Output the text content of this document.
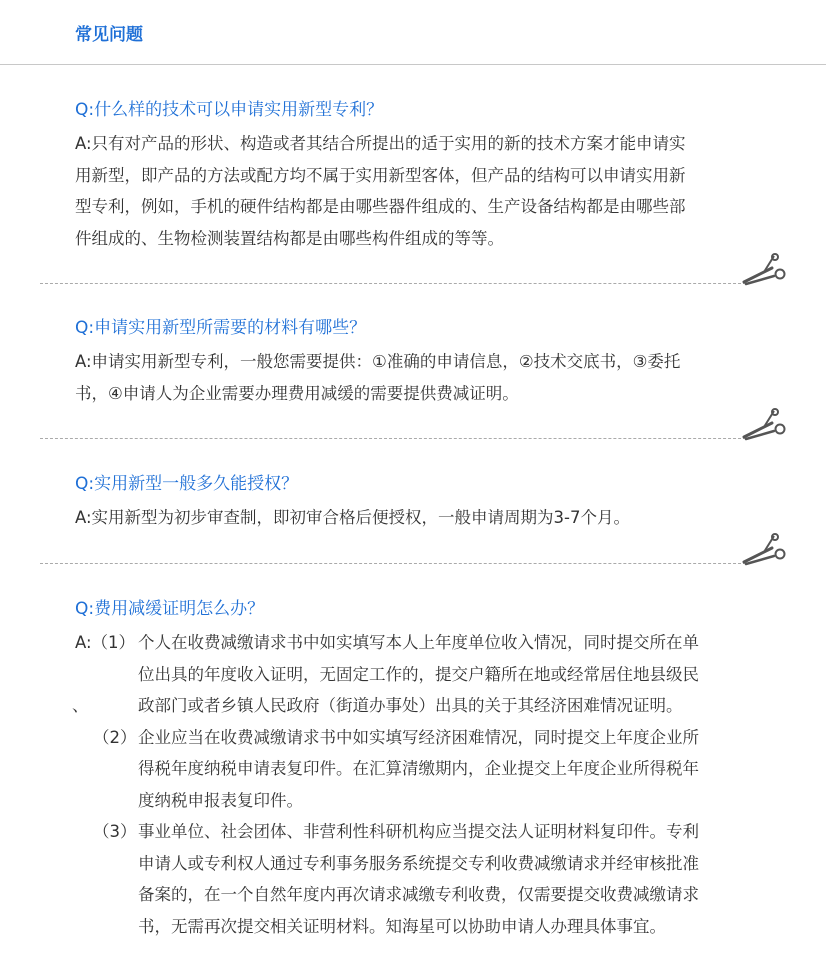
常见问题
Q:什么样的技术可以申请实用新型专利？
A:只有对产品的形状、构造或者其结合所提出的适于实用的新的技术方案才能申请实
用新型，即产品的方法或配方均不属于实用新型客体，但产品的结构可以申请实用新
型专利，例如，手机的硬件结构都是由哪些器件组成的、生产设备结构都是由哪些部
件组成的、生物检测装置结构都是由哪些构件组成的等等。
Q:申请实用新型所需要的材料有哪些？
A:申请实用新型专利，一般您需要提供：①准确的申请信息，②技术交底书，③委托
书，④申请人为企业需要办理费用减缓的需要提供费减证明。
Q:实用新型一般多久能授权？
A:实用新型为初步审查制，即初审合格后便授权，一般申请周期为3-7个月。
Q:费用减缓证明怎么办？
A:（1） 个人在收费减缴请求书中如实填写本人上年度单位收入情况，同时提交所在单
位出具的年度收入证明，无固定工作的，提交户籍所在地或经常居住地县级民
、	政部门或者乡镇人民政府（街道办事处）出具的关于其经济困难情况证明。
（2） 企业应当在收费减缴请求书中如实填写经济困难情况，同时提交上年度企业所
得税年度纳税申请表复印件。在汇算清缴期内，企业提交上年度企业所得税年
度纳税申报表复印件。
（3） 事业单位、社会团体、非营利性科研机构应当提交法人证明材料复印件。专利
申请人或专利权人通过专利事务服务系统提交专利收费减缴请求并经审核批准
备案的，在一个自然年度内再次请求减缴专利收费，仅需要提交收费减缴请求
书，无需再次提交相关证明材料。知海星可以协助申请人办理具体事宜。
